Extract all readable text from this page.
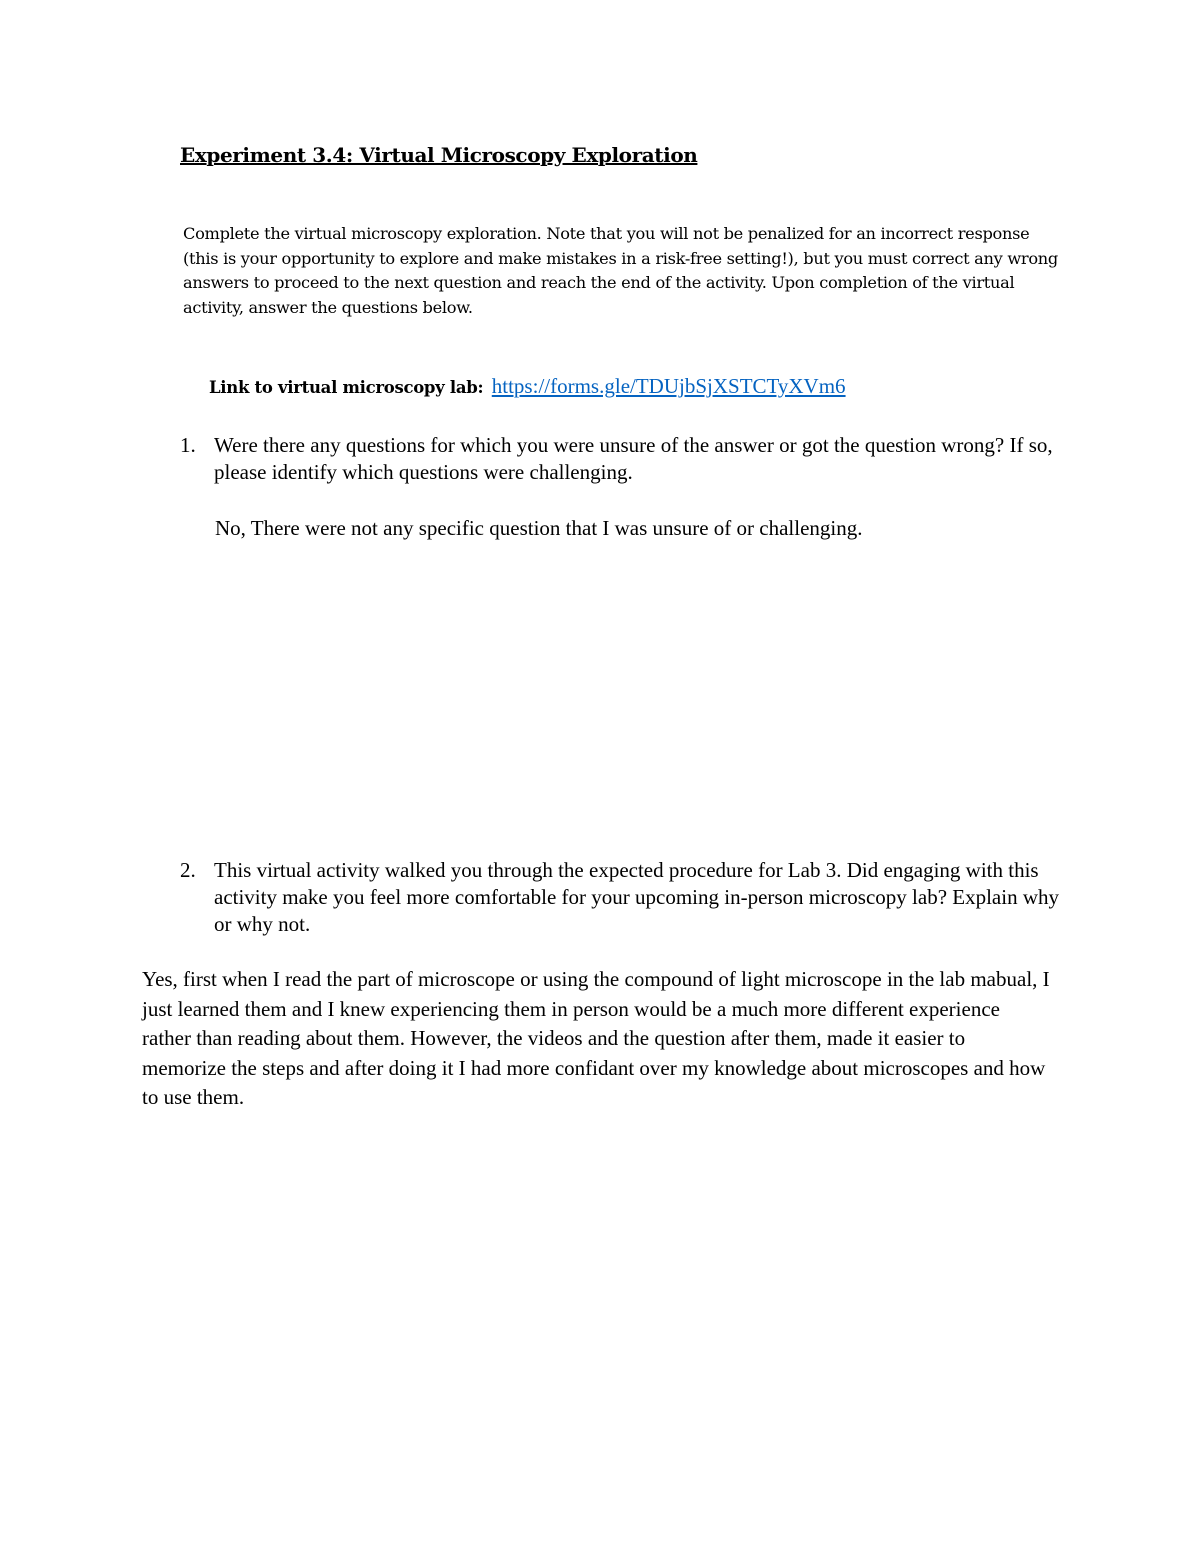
Experiment 3.4: Virtual Microscopy Exploration
Complete the virtual microscopy exploration. Note that you will not be penalized for an incorrect response (this is your opportunity to explore and make mistakes in a risk-free setting!), but you must correct any wrong answers to proceed to the next question and reach the end of the activity. Upon completion of the virtual activity, answer the questions below.
Link to virtual microscopy lab: https://forms.gle/TDUjbSjXSTCTyXVm6
1. Were there any questions for which you were unsure of the answer or got the question wrong? If so, please identify which questions were challenging.
No, There were not any specific question that I was unsure of or challenging.
2. This virtual activity walked you through the expected procedure for Lab 3. Did engaging with this activity make you feel more comfortable for your upcoming in-person microscopy lab? Explain why or why not.
Yes, first when I read the part of microscope or using the compound of light microscope in the lab mabual, I just learned them and I knew experiencing them in person would be a much more different experience rather than reading about them. However, the videos and the question after them, made it easier to memorize the steps and after doing it I had more confidant over my knowledge about microscopes and how to use them.
